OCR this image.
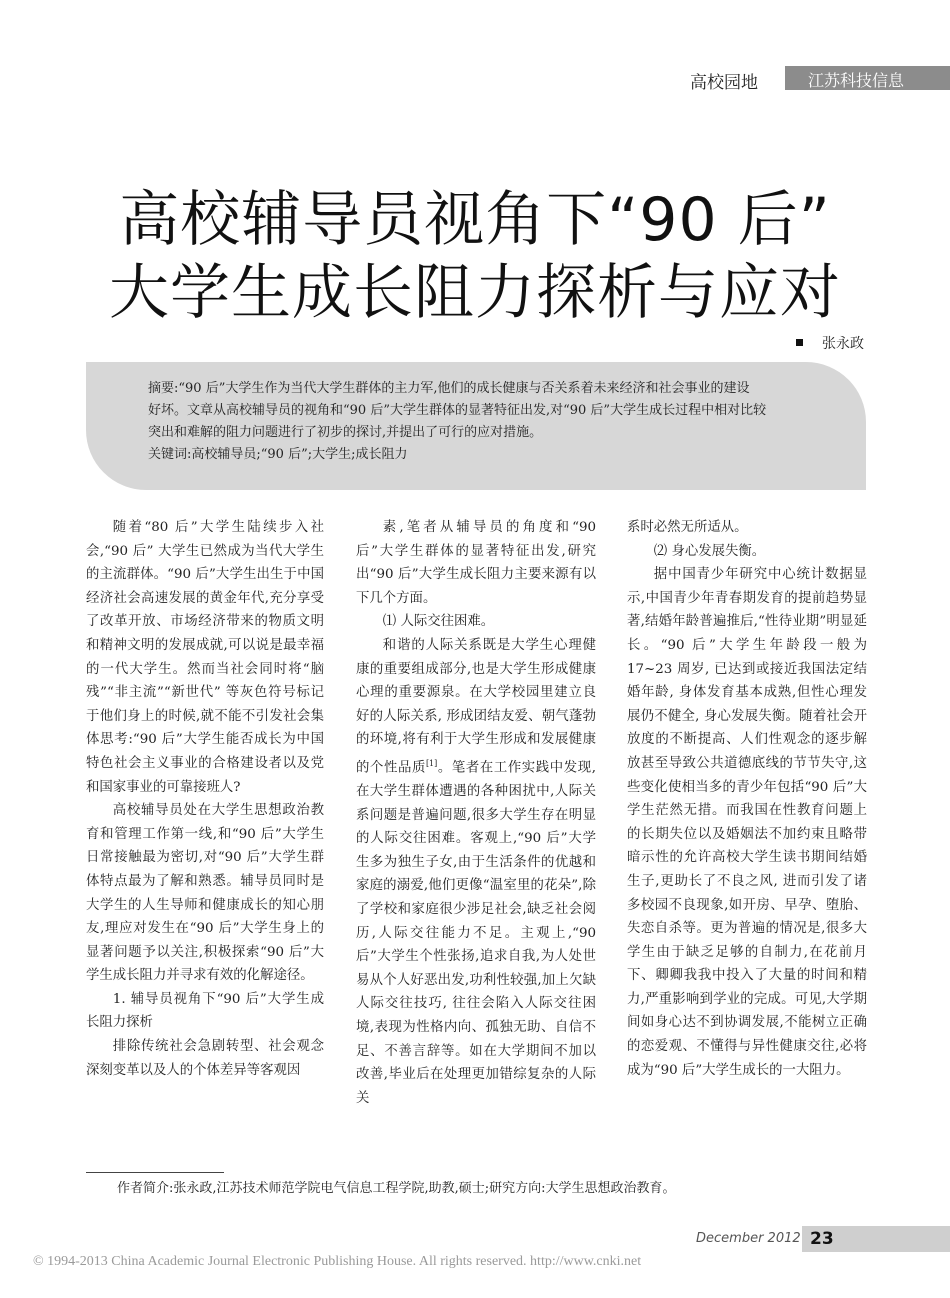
高校园地	江苏科技信息
高校辅导员视角下“90 后”
大学生成长阻力探析与应对
张永政

摘要:“90 后”大学生作为当代大学生群体的主力军,他们的成长健康与否关系着未来经济和社会事业的建设

好坏。文章从高校辅导员的视角和“90 后”大学生群体的显著特征出发,对“90 后”大学生成长过程中相对比较

突出和难解的阻力问题进行了初步的探讨,并提出了可行的应对措施。

关键词:高校辅导员;“90 后”;大学生;成长阻力

随着“80 后”大学生陆续步入社会,“90 后” 大学生已然成为当代大学生的主流群体。“90 后”大学生出生于中国经济社会高速发展的黄金年代,充分享受了改革开放、市场经济带来的物质文明和精神文明的发展成就,可以说是最幸福的一代大学生。然而当社会同时将“脑残”“非主流”“新世代” 等灰色符号标记于他们身上的时候,就不能不引发社会集体思考:“90 后”大学生能否成长为中国特色社会主义事业的合格建设者以及党和国家事业的可靠接班人?

高校辅导员处在大学生思想政治教育和管理工作第一线,和“90 后”大学生日常接触最为密切,对“90 后”大学生群体特点最为了解和熟悉。辅导员同时是大学生的人生导师和健康成长的知心朋友,理应对发生在“90 后”大学生身上的显著问题予以关注,积极探索“90 后”大学生成长阻力并寻求有效的化解途径。

1. 辅导员视角下“90 后”大学生成长阻力探析

排除传统社会急剧转型、社会观念深刻变革以及人的个体差异等客观因

素,笔者从辅导员的角度和“90 后”大学生群体的显著特征出发,研究出“90 后”大学生成长阻力主要来源有以下几个方面。

⑴ 人际交往困难。

和谐的人际关系既是大学生心理健康的重要组成部分,也是大学生形成健康心理的重要源泉。在大学校园里建立良好的人际关系, 形成团结友爱、朝气蓬勃的环境,将有利于大学生形成和发展健康的个性品质[1]。笔者在工作实践中发现,在大学生群体遭遇的各种困扰中,人际关系问题是普遍问题,很多大学生存在明显的人际交往困难。客观上,“90 后”大学生多为独生子女,由于生活条件的优越和家庭的溺爱,他们更像“温室里的花朵”,除了学校和家庭很少涉足社会,缺乏社会阅历,人际交往能力不足。主观上,“90 后”大学生个性张扬,追求自我,为人处世易从个人好恶出发,功利性较强,加上欠缺人际交往技巧, 往往会陷入人际交往困境,表现为性格内向、孤独无助、自信不足、不善言辞等。如在大学期间不加以改善,毕业后在处理更加错综复杂的人际关

系时必然无所适从。

⑵ 身心发展失衡。

据中国青少年研究中心统计数据显示,中国青少年青春期发育的提前趋势显著,结婚年龄普遍推后,“性待业期”明显延长。“90 后”大学生年龄段一般为 17~23 周岁, 已达到或接近我国法定结婚年龄, 身体发育基本成熟,但性心理发展仍不健全, 身心发展失衡。随着社会开放度的不断提高、人们性观念的逐步解放甚至导致公共道德底线的节节失守,这些变化使相当多的青少年包括“90 后”大学生茫然无措。而我国在性教育问题上的长期失位以及婚姻法不加约束且略带暗示性的允许高校大学生读书期间结婚生子,更助长了不良之风, 进而引发了诸多校园不良现象,如开房、早孕、堕胎、失恋自杀等。更为普遍的情况是,很多大学生由于缺乏足够的自制力,在花前月下、卿卿我我中投入了大量的时间和精力,严重影响到学业的完成。可见,大学期间如身心达不到协调发展,不能树立正确的恋爱观、不懂得与异性健康交往,必将成为“90 后”大学生成长的一大阻力。

作者简介:张永政,江苏技术师范学院电气信息工程学院,助教,硕士;研究方向:大学生思想政治教育。
December 2012 23
© 1994-2013 China Academic Journal Electronic Publishing House. All rights reserved. http://www.cnki.net
